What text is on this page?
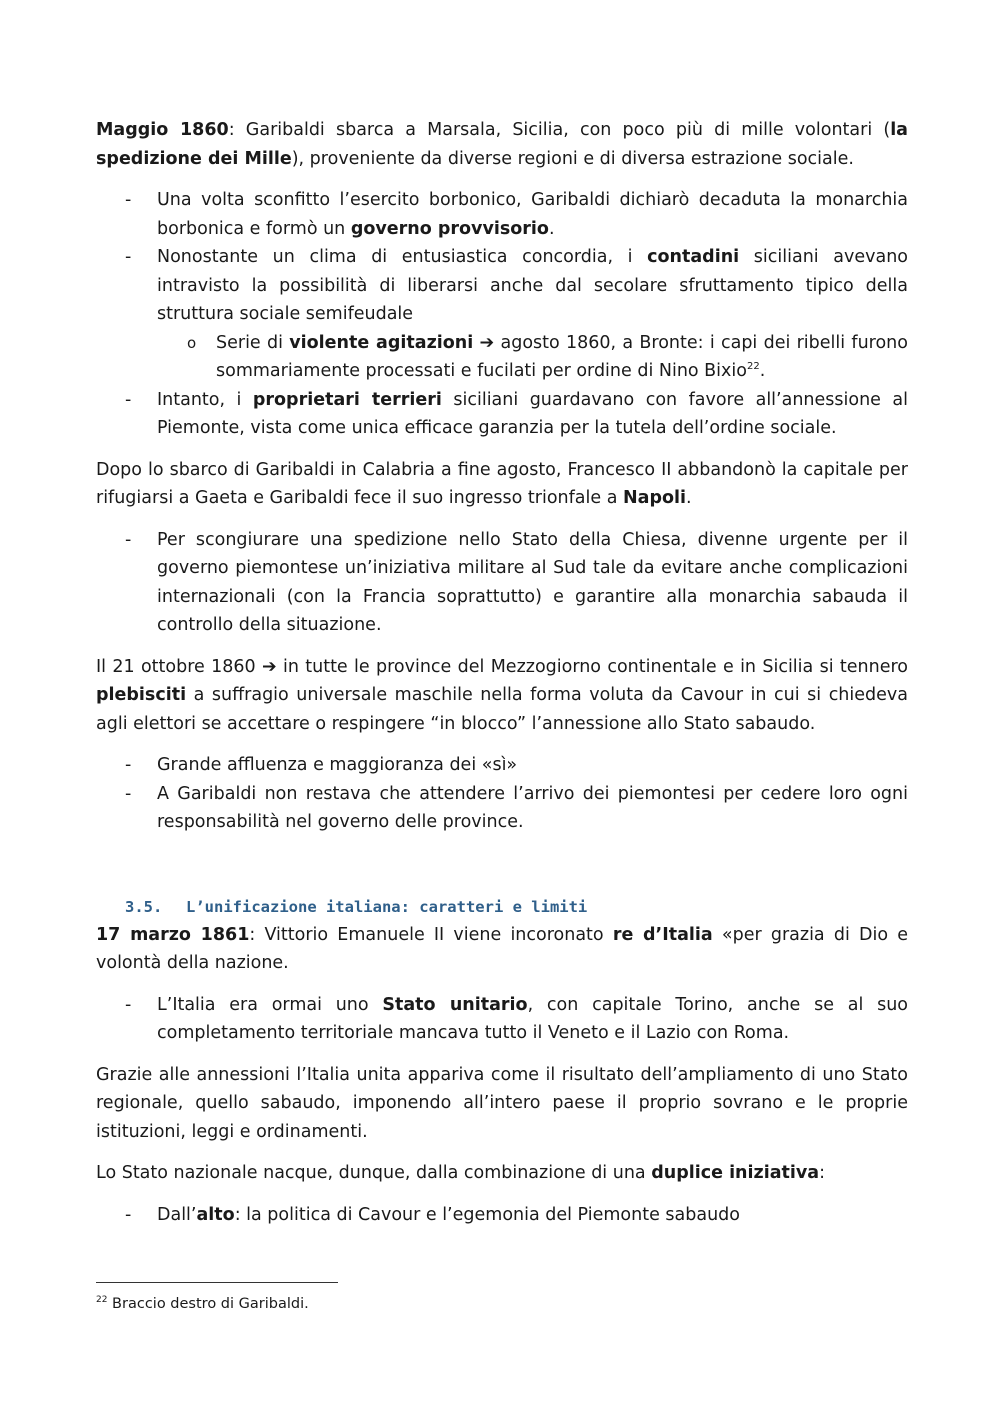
Maggio 1860: Garibaldi sbarca a Marsala, Sicilia, con poco più di mille volontari (la spedizione dei Mille), proveniente da diverse regioni e di diversa estrazione sociale.

- Una volta sconfitto l’esercito borbonico, Garibaldi dichiarò decaduta la monarchia borbonica e formò un governo provvisorio.
- Nonostante un clima di entusiastica concordia, i contadini siciliani avevano intravisto la possibilità di liberarsi anche dal secolare sfruttamento tipico della struttura sociale semifeudale
o Serie di violente agitazioni ➔ agosto 1860, a Bronte: i capi dei ribelli furono sommariamente processati e fucilati per ordine di Nino Bixio$^{22}$.
- Intanto, i proprietari terrieri siciliani guardavano con favore all’annessione al Piemonte, vista come unica efficace garanzia per la tutela dell’ordine sociale.

Dopo lo sbarco di Garibaldi in Calabria a fine agosto, Francesco II abbandonò la capitale per rifugiarsi a Gaeta e Garibaldi fece il suo ingresso trionfale a Napoli.

- Per scongiurare una spedizione nello Stato della Chiesa, divenne urgente per il governo piemontese un’iniziativa militare al Sud tale da evitare anche complicazioni internazionali (con la Francia soprattutto) e garantire alla monarchia sabauda il controllo della situazione.

Il 21 ottobre 1860 ➔ in tutte le province del Mezzogiorno continentale e in Sicilia si tennero plebisciti a suffragio universale maschile nella forma voluta da Cavour in cui si chiedeva agli elettori se accettare o respingere “in blocco” l’annessione allo Stato sabaudo.

- Grande affluenza e maggioranza dei «sì»
- A Garibaldi non restava che attendere l’arrivo dei piemontesi per cedere loro ogni responsabilità nel governo delle province.
3.5. L’unificazione italiana: caratteri e limiti

17 marzo 1861: Vittorio Emanuele II viene incoronato re d’Italia «per grazia di Dio e volontà della nazione.

- L’Italia era ormai uno Stato unitario, con capitale Torino, anche se al suo completamento territoriale mancava tutto il Veneto e il Lazio con Roma.

Grazie alle annessioni l’Italia unita appariva come il risultato dell’ampliamento di uno Stato regionale, quello sabaudo, imponendo all’intero paese il proprio sovrano e le proprie istituzioni, leggi e ordinamenti.

Lo Stato nazionale nacque, dunque, dalla combinazione di una duplice iniziativa:

- Dall’alto: la politica di Cavour e l’egemonia del Piemonte sabaudo

$^{22}$ Braccio destro di Garibaldi.
